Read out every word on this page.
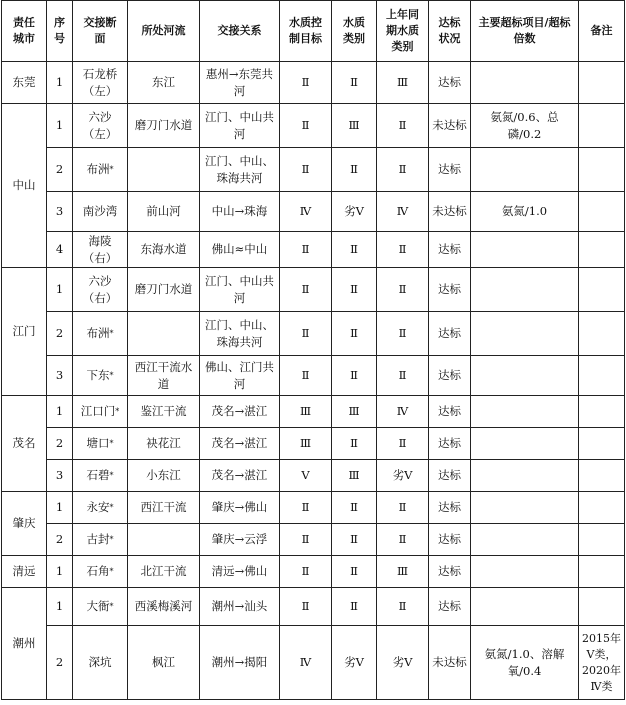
责任城市	序号	交接断面	所处河流	交接关系	水质控制目标	水质类别	上年同期水质类别	达标状况	主要超标项目/超标倍数	备注
东莞	1	石龙桥（左）	东江	惠州→东莞共河	Ⅱ	Ⅱ	Ⅲ	达标		
中山	1	六沙（左）	磨刀门水道	江门、中山共河	Ⅱ	Ⅲ	Ⅱ	未达标	氨氮/0.6、总磷/0.2	
	2	布洲 *		江门、中山、珠海共河	Ⅱ	Ⅱ	Ⅱ	达标		
	3	南沙湾	前山河	中山→珠海	Ⅳ	劣Ⅴ	Ⅳ	未达标	氨氮/1.0	
	4	海陵（右）	东海水道	佛山≈中山	Ⅱ	Ⅱ	Ⅱ	达标		
江门	1	六沙（右）	磨刀门水道	江门、中山共河	Ⅱ	Ⅱ	Ⅱ	达标		
	2	布洲 *		江门、中山、珠海共河	Ⅱ	Ⅱ	Ⅱ	达标		
	3	下东 *	西江干流水道	佛山、江门共河	Ⅱ	Ⅱ	Ⅱ	达标		
茂名	1	江口门 *	鉴江干流	茂名→湛江	Ⅲ	Ⅲ	Ⅳ	达标		
	2	塘口 *	袂花江	茂名→湛江	Ⅲ	Ⅱ	Ⅱ	达标		
	3	石碧 *	小东江	茂名→湛江	Ⅴ	Ⅲ	劣Ⅴ	达标		
肇庆	1	永安 *	西江干流	肇庆→佛山	Ⅱ	Ⅱ	Ⅱ	达标		
	2	古封 *		肇庆→云浮	Ⅱ	Ⅱ	Ⅱ	达标		
清远	1	石角 *	北江干流	清远→佛山	Ⅱ	Ⅱ	Ⅲ	达标		
潮州	1	大衙 *	西溪梅溪河	潮州→汕头	Ⅱ	Ⅱ	Ⅱ	达标		
	2	深坑	枫江	潮州→揭阳	Ⅳ	劣Ⅴ	劣Ⅴ	未达标	氨氮/1.0、溶解氧/0.4	2015年Ⅴ类，2020年Ⅳ类
